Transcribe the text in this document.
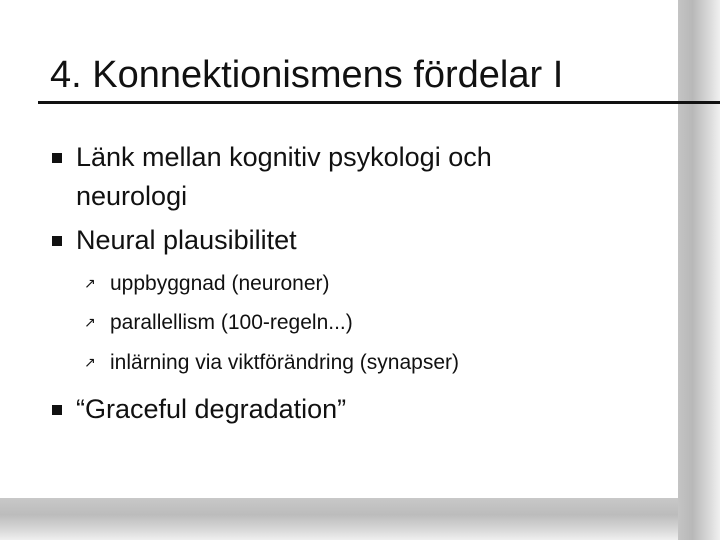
4. Konnektionismens fördelar I
Länk mellan kognitiv psykologi och
neurologi
Neural plausibilitet
↗ uppbyggnad (neuroner)
↗ parallellism (100-regeln...)
↗ inlärning via viktförändring (synapser)
“Graceful degradation”
